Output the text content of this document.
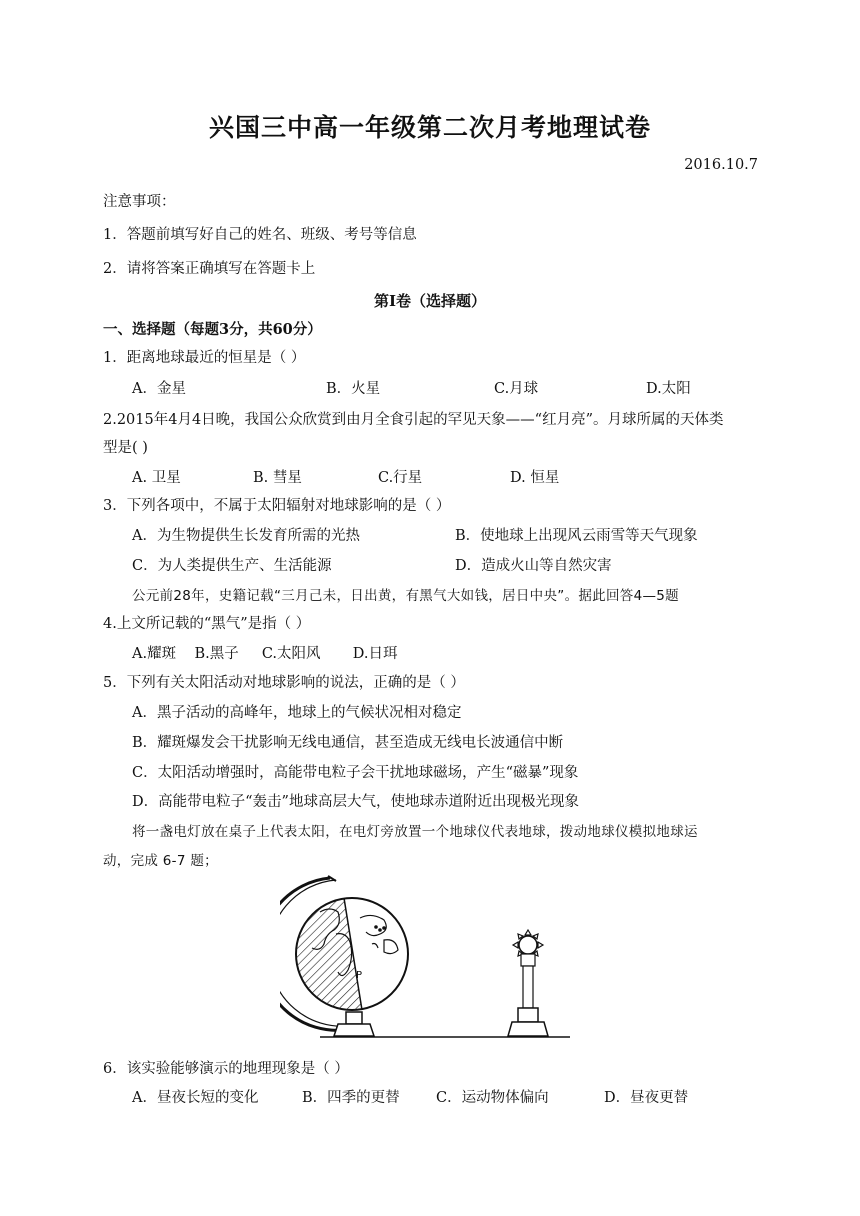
兴国三中高一年级第二次月考地理试卷
2016.10.7
注意事项：
1．答题前填写好自己的姓名、班级、考号等信息
2．请将答案正确填写在答题卡上
第Ⅰ卷（选择题）
一、选择题（每题3分，共60分）
1．距离地球最近的恒星是（ ）
A．金星	B．火星	C.月球	D.太阳
2.2015年4月4日晚，我国公众欣赏到由月全食引起的罕见天象——“红月亮”。月球所属的天体类
型是( )
A. 卫星	B. 彗星	C.行星	D. 恒星
3．下列各项中，不属于太阳辐射对地球影响的是（ ）
A．为生物提供生长发育所需的光热	B．使地球上出现风云雨雪等天气现象
C．为人类提供生产、生活能源	D．造成火山等自然灾害
公元前28年，史籍记载“三月己未，日出黄，有黑气大如钱，居日中央”。据此回答4—5题
4.上文所记载的“黑气”是指（ ）
A.耀斑    B.黑子     C.太阳风       D.日珥
5．下列有关太阳活动对地球影响的说法，正确的是（ ）
A．黑子活动的高峰年，地球上的气候状况相对稳定
B．耀斑爆发会干扰影响无线电通信，甚至造成无线电长波通信中断
C．太阳活动增强时，高能带电粒子会干扰地球磁场，产生“磁暴”现象
D．高能带电粒子“轰击”地球高层大气，使地球赤道附近出现极光现象
将一盏电灯放在桌子上代表太阳，在电灯旁放置一个地球仪代表地球，拨动地球仪模拟地球运
动，完成 6-7 题；
P
6．该实验能够演示的地理现象是（ ）
A．昼夜长短的变化	B．四季的更替	C．运动物体偏向	D．昼夜更替
